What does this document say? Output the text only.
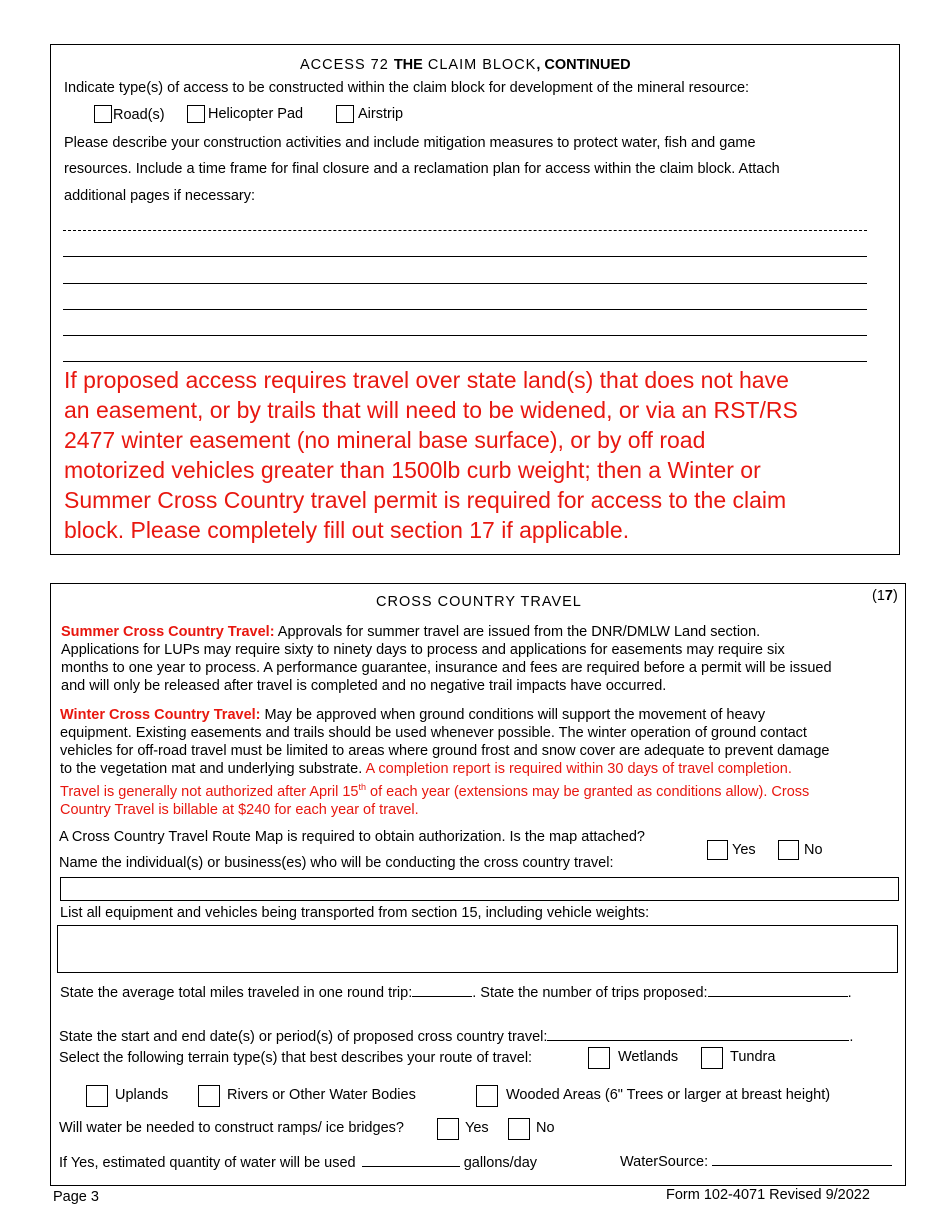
ACCESS 72 THE CLAIM BLOCK, CONTINUED
Indicate type(s) of access to be constructed within the claim block for development of the mineral resource:
Road(s)	Helicopter Pad	Airstrip
Please describe your construction activities and include mitigation measures to protect water, fish and game
resources. Include a time frame for final closure and a reclamation plan for access within the claim block. Attach
additional pages if necessary:
If proposed access requires travel over state land(s) that does not have
an easement, or by trails that will need to be widened, or via an RST/RS
2477 winter easement (no mineral base surface), or by off road
motorized vehicles greater than 1500lb curb weight; then a Winter or
Summer Cross Country travel permit is required for access to the claim
block. Please completely fill out section 17 if applicable.
CROSS COUNTRY TRAVEL	(17)
Summer Cross Country Travel: Approvals for summer travel are issued from the DNR/DMLW Land section.
Applications for LUPs may require sixty to ninety days to process and applications for easements may require six
months to one year to process. A performance guarantee, insurance and fees are required before a permit will be issued
and will only be released after travel is completed and no negative trail impacts have occurred.
Winter Cross Country Travel: May be approved when ground conditions will support the movement of heavy
equipment. Existing easements and trails should be used whenever possible. The winter operation of ground contact
vehicles for off-road travel must be limited to areas where ground frost and snow cover are adequate to prevent damage
to the vegetation mat and underlying substrate. A completion report is required within 30 days of travel completion.
Travel is generally not authorized after April 15th of each year (extensions may be granted as conditions allow). Cross
Country Travel is billable at $240 for each year of travel.
A Cross Country Travel Route Map is required to obtain authorization. Is the map attached?
Yes	No
Name the individual(s) or business(es) who will be conducting the cross country travel:
List all equipment and vehicles being transported from section 15, including vehicle weights:
State the average total miles traveled in one round trip:	. State the number of trips proposed:	.
State the start and end date(s) or period(s) of proposed cross country travel:	.
Select the following terrain type(s) that best describes your route of travel:	Wetlands	Tundra
Uplands	Rivers or Other Water Bodies	Wooded Areas (6" Trees or larger at breast height)
Will water be needed to construct ramps/ ice bridges?	Yes	No
If Yes, estimated quantity of water will be used	gallons/day	WaterSource:
Page 3	Form 102-4071 Revised 9/2022
